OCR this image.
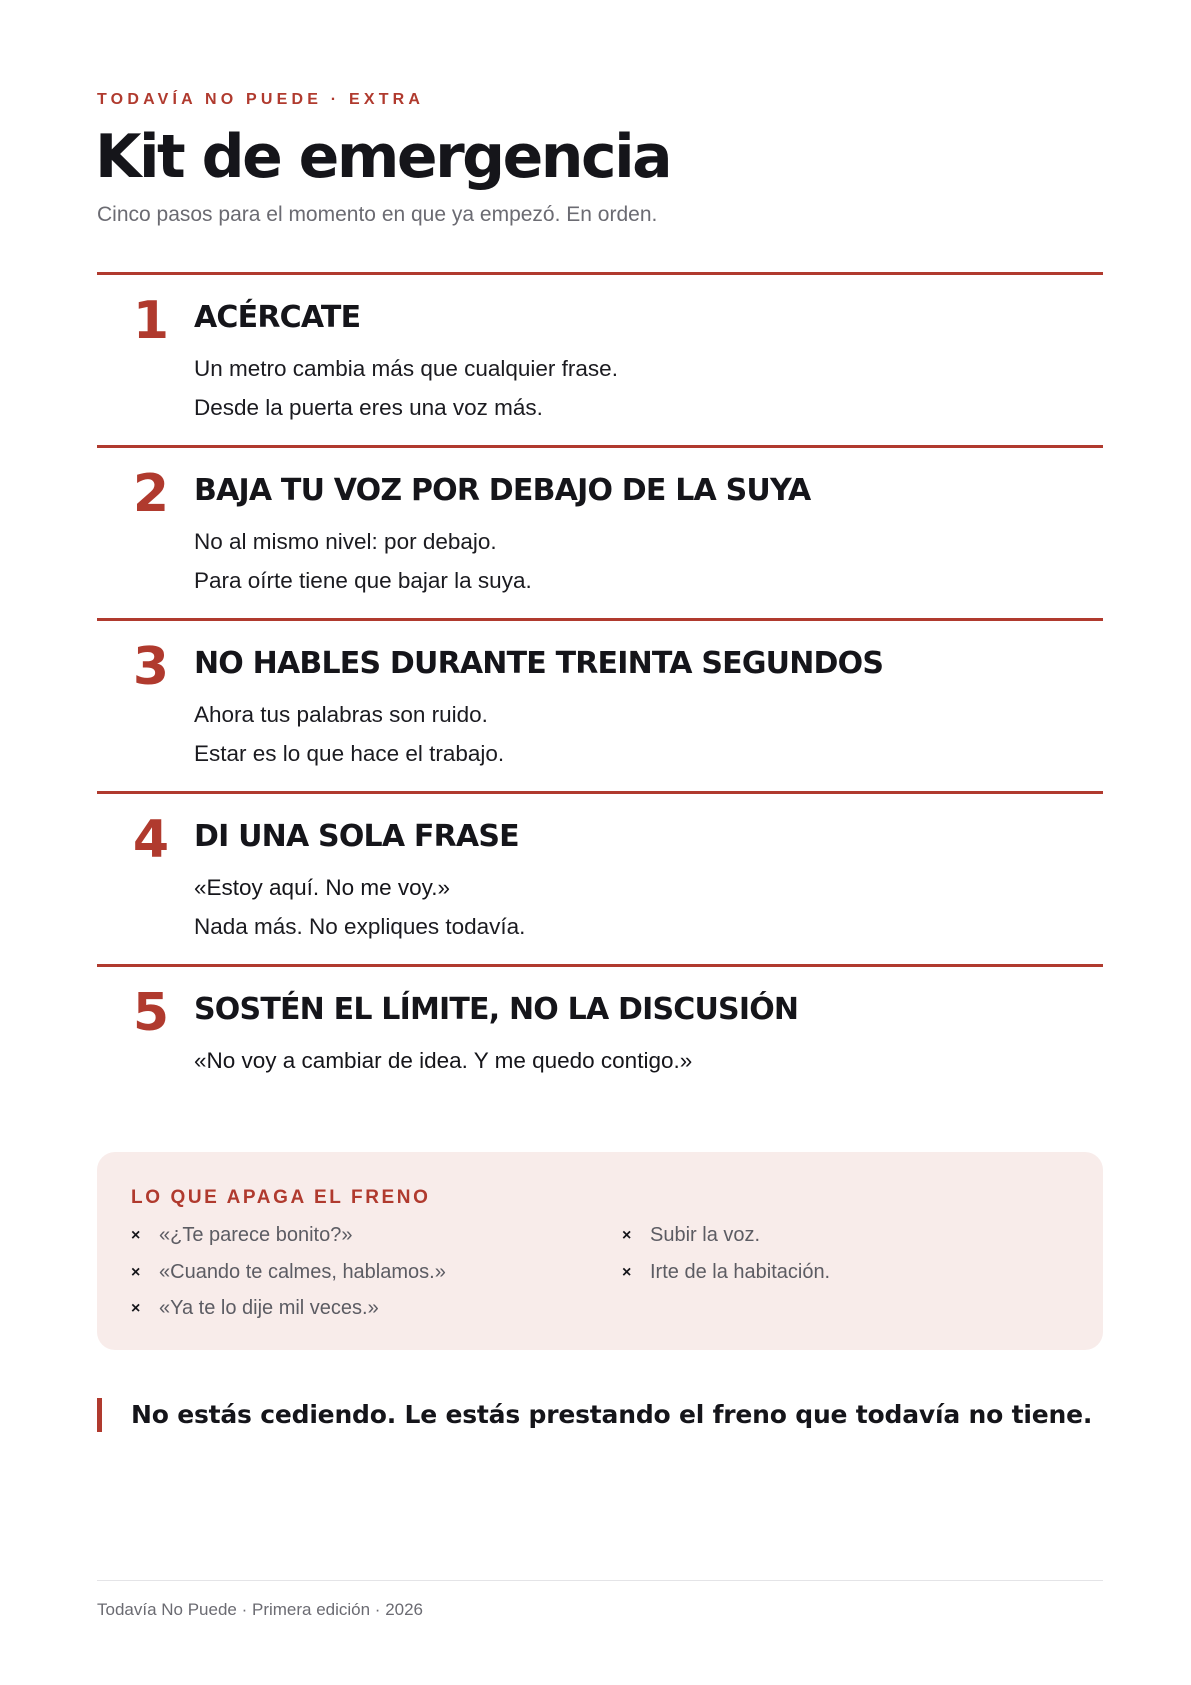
TODAVÍA NO PUEDE · EXTRA
Kit de emergencia
Cinco pasos para el momento en que ya empezó. En orden.
1 ACÉRCATE
Un metro cambia más que cualquier frase.
Desde la puerta eres una voz más.
2 BAJA TU VOZ POR DEBAJO DE LA SUYA
No al mismo nivel: por debajo.
Para oírte tiene que bajar la suya.
3 NO HABLES DURANTE TREINTA SEGUNDOS
Ahora tus palabras son ruido.
Estar es lo que hace el trabajo.
4 DI UNA SOLA FRASE
«Estoy aquí. No me voy.»
Nada más. No expliques todavía.
5 SOSTÉN EL LÍMITE, NO LA DISCUSIÓN
«No voy a cambiar de idea. Y me quedo contigo.»
LO QUE APAGA EL FRENO
× «¿Te parece bonito?»
× «Cuando te calmes, hablamos.»
× «Ya te lo dije mil veces.»
× Subir la voz.
× Irte de la habitación.
No estás cediendo. Le estás prestando el freno que todavía no tiene.
Todavía No Puede · Primera edición · 2026
